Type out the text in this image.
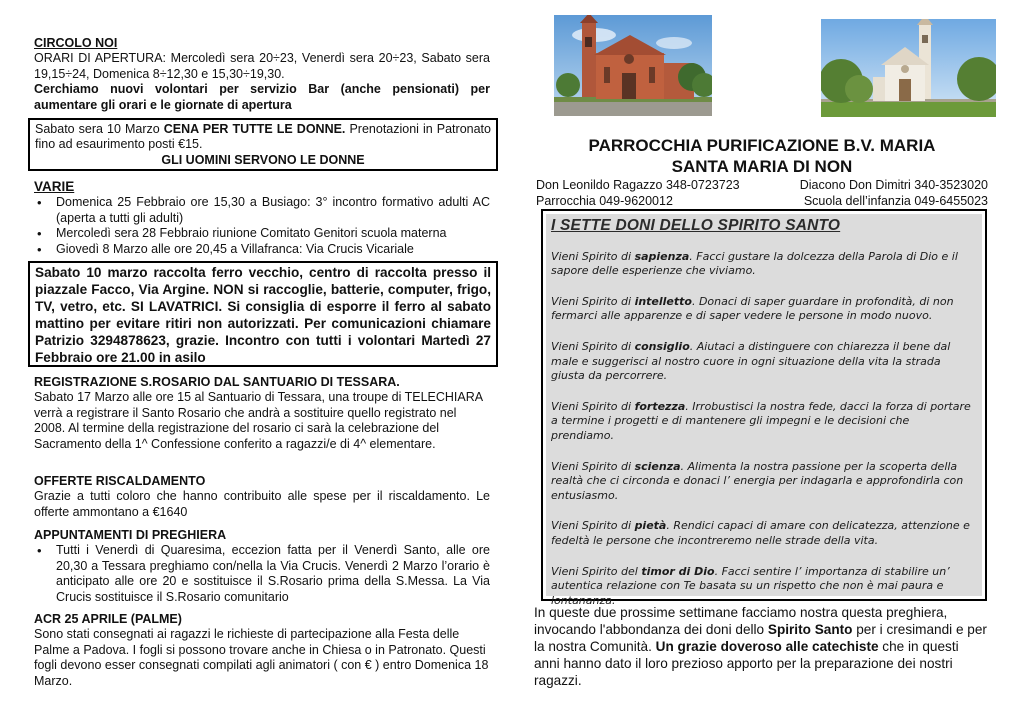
CIRCOLO NOI

ORARI DI APERTURA: Mercoledì sera 20÷23, Venerdì sera 20÷23, Sabato sera 19,15÷24, Domenica 8÷12,30 e 15,30÷19,30.

Cerchiamo nuovi volontari per servizio Bar (anche pensionati) per aumentare gli orari e le giornate di apertura

Sabato sera 10 Marzo CENA PER TUTTE LE DONNE. Prenotazioni in Patronato fino ad esaurimento posti €15.

GLI UOMINI SERVONO LE DONNE

VARIE

• Domenica 25 Febbraio ore 15,30 a Busiago: 3° incontro formativo adulti AC (aperta a tutti gli adulti)
• Mercoledì sera 28 Febbraio riunione Comitato Genitori scuola materna
• Giovedì 8 Marzo alle ore 20,45 a Villafranca: Via Crucis Vicariale

Sabato 10 marzo raccolta ferro vecchio, centro di raccolta presso il piazzale Facco, Via Argine. NON si raccoglie, batterie, computer, frigo, TV, vetro, etc. SI LAVATRICI. Si consiglia di esporre il ferro al sabato mattino per evitare ritiri non autorizzati. Per comunicazioni chiamare Patrizio 3294878623, grazie. Incontro con tutti i volontari Martedì 27 Febbraio ore 21.00 in asilo

REGISTRAZIONE S.ROSARIO DAL SANTUARIO DI TESSARA.

Sabato 17 Marzo alle ore 15 al Santuario di Tessara, una troupe di TELECHIARA verrà a registrare il Santo Rosario che andrà a sostituire quello registrato nel 2008. Al termine della registrazione del rosario ci sarà la celebrazione del Sacramento della 1^ Confessione conferito a ragazzi/e di 4^ elementare.

OFFERTE RISCALDAMENTO

Grazie a tutti coloro che hanno contribuito alle spese per il riscaldamento. Le offerte ammontano a €1640

APPUNTAMENTI DI PREGHIERA

• Tutti i Venerdì di Quaresima, eccezion fatta per il Venerdì Santo, alle ore 20,30 a Tessara preghiamo con/nella la Via Crucis. Venerdì 2 Marzo l’orario è anticipato alle ore 20 e sostituisce il S.Rosario prima della S.Messa. La Via Crucis sostituisce il S.Rosario comunitario

ACR 25 APRILE (PALME)

Sono stati consegnati ai ragazzi le richieste di partecipazione alla Festa delle Palme a Padova. I fogli si possono trovare anche in Chiesa o in Patronato. Questi fogli devono esser consegnati compilati agli animatori ( con € ) entro Domenica 18 Marzo.

PARROCCHIA PURIFICAZIONE B.V. MARIA
SANTA MARIA DI NON
Don Leonildo Ragazzo 348-0723723	Diacono Don Dimitri 340-3523020
Parrocchia 049-9620012	Scuola dell’infanzia 049-6455023
I SETTE DONI DELLO SPIRITO SANTO

Vieni Spirito di sapienza. Facci gustare la dolcezza della Parola di Dio e il sapore delle esperienze che viviamo.

Vieni Spirito di intelletto. Donaci di saper guardare in profondità, di non fermarci alle apparenze e di saper vedere le persone in modo nuovo.

Vieni Spirito di consiglio. Aiutaci a distinguere con chiarezza il bene dal male e suggerisci al nostro cuore in ogni situazione della vita la strada giusta da percorrere.

Vieni Spirito di fortezza. Irrobustisci la nostra fede, dacci la forza di portare a termine i progetti e di mantenere gli impegni e le decisioni che prendiamo.

Vieni Spirito di scienza. Alimenta la nostra passione per la scoperta della realtà che ci circonda e donaci l’ energia per indagarla e approfondirla con entusiasmo.

Vieni Spirito di pietà. Rendici capaci di amare con delicatezza, attenzione e fedeltà le persone che incontreremo nelle strade della vita.

Vieni Spirito del timor di Dio. Facci sentire l’ importanza di stabilire un’ autentica relazione con Te basata su un rispetto che non è mai paura e lontananza.

In queste due prossime settimane facciamo nostra questa preghiera, invocando l'abbondanza dei doni dello Spirito Santo per i cresimandi e per la nostra Comunità. Un grazie doveroso alle catechiste che in questi anni hanno dato il loro prezioso apporto per la preparazione dei nostri ragazzi.
